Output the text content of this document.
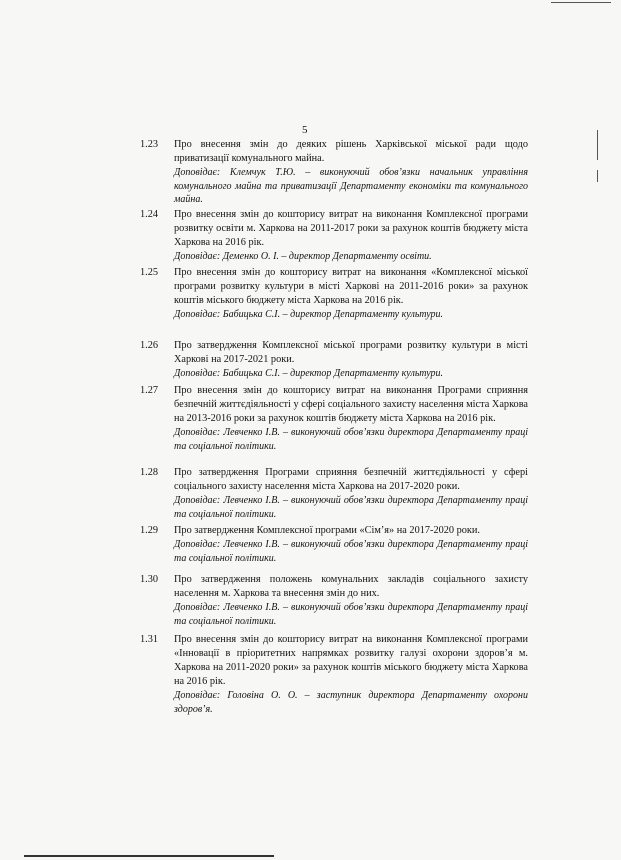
5
1.23 Про внесення змін до деяких рішень Харківської міської ради щодо приватизації комунального майна.
Доповідає: Клемчук Т.Ю. – виконуючий обов’язки начальник управління комунального майна та приватизації Департаменту економіки та комунального майна.
1.24 Про внесення змін до кошторису витрат на виконання Комплексної програми розвитку освіти м. Харкова на 2011-2017 роки за рахунок коштів бюджету міста Харкова на 2016 рік.
Доповідає: Деменко О. І. – директор Департаменту освіти.
1.25 Про внесення змін до кошторису витрат на виконання «Комплексної міської програми розвитку культури в місті Харкові на 2011-2016 роки» за рахунок коштів міського бюджету міста Харкова на 2016 рік.
Доповідає: Бабицька С.І. – директор Департаменту культури.
1.26 Про затвердження Комплексної міської програми розвитку культури в місті Харкові на 2017-2021 роки.
Доповідає: Бабицька С.І. – директор Департаменту культури.
1.27 Про внесення змін до кошторису витрат на виконання Програми сприяння безпечній життєдіяльності у сфері соціального захисту населення міста Харкова на 2013-2016 роки за рахунок коштів бюджету міста Харкова на 2016 рік.
Доповідає: Левченко І.В. – виконуючий обов’язки директора Департаменту праці та соціальної політики.
1.28 Про затвердження Програми сприяння безпечній життєдіяльності у сфері соціального захисту населення міста Харкова на 2017-2020 роки.
Доповідає: Левченко І.В. – виконуючий обов’язки директора Департаменту праці та соціальної політики.
1.29 Про затвердження Комплексної програми «Сім’я» на 2017-2020 роки.
Доповідає: Левченко І.В. – виконуючий обов’язки директора Департаменту праці та соціальної політики.
1.30 Про затвердження положень комунальних закладів соціального захисту населення м. Харкова та внесення змін до них.
Доповідає: Левченко І.В. – виконуючий обов’язки директора Департаменту праці та соціальної політики.
1.31 Про внесення змін до кошторису витрат на виконання Комплексної програми «Інновації в пріоритетних напрямках розвитку галузі охорони здоров’я м. Харкова на 2011-2020 роки» за рахунок коштів міського бюджету міста Харкова на 2016 рік.
Доповідає: Головіна О. О. – заступник директора Департаменту охорони здоров’я.
